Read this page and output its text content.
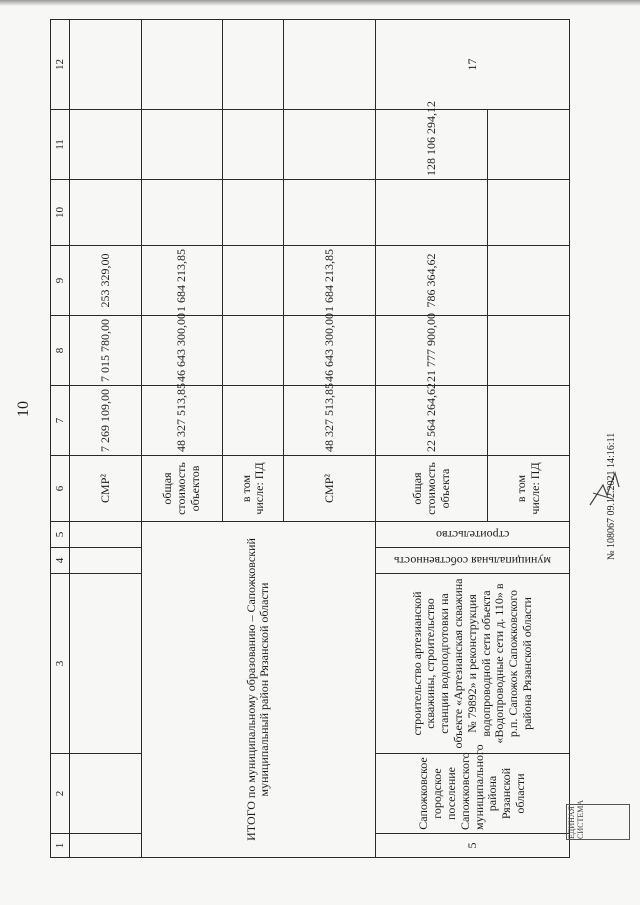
10
1	2	3	4	5	6	7	8	9	10	11	12
					СМР²	7 269 109,00	7 015 780,00	253 329,00			
ИТОГО по муниципальному образованию – Сапожковский муниципальный район Рязанской области					общая стоимость объектов	48 327 513,85	46 643 300,00	1 684 213,85			
					в том числе: ПД						
					СМР²	48 327 513,85	46 643 300,00	1 684 213,85			
5	Сапожковское городское поселение Сапожковского муниципального района Рязанской области	строительство артезианской скважины, строительство станции водоподготовки на объекте «Артезианская скважина № 79892» и реконструкция водопроводной сети объекта «Водопроводные сети д. 110» в р.п. Сапожок Сапожковского района Рязанской области	муниципальная собственность	строительство	общая стоимость объекта	22 564 264,62	21 777 900,00	786 364,62		128 106 294,12	17
					в том числе: ПД							№ 108067 09.12.2021 14:16:11
ЕДИНАЯ СИСТЕМА
